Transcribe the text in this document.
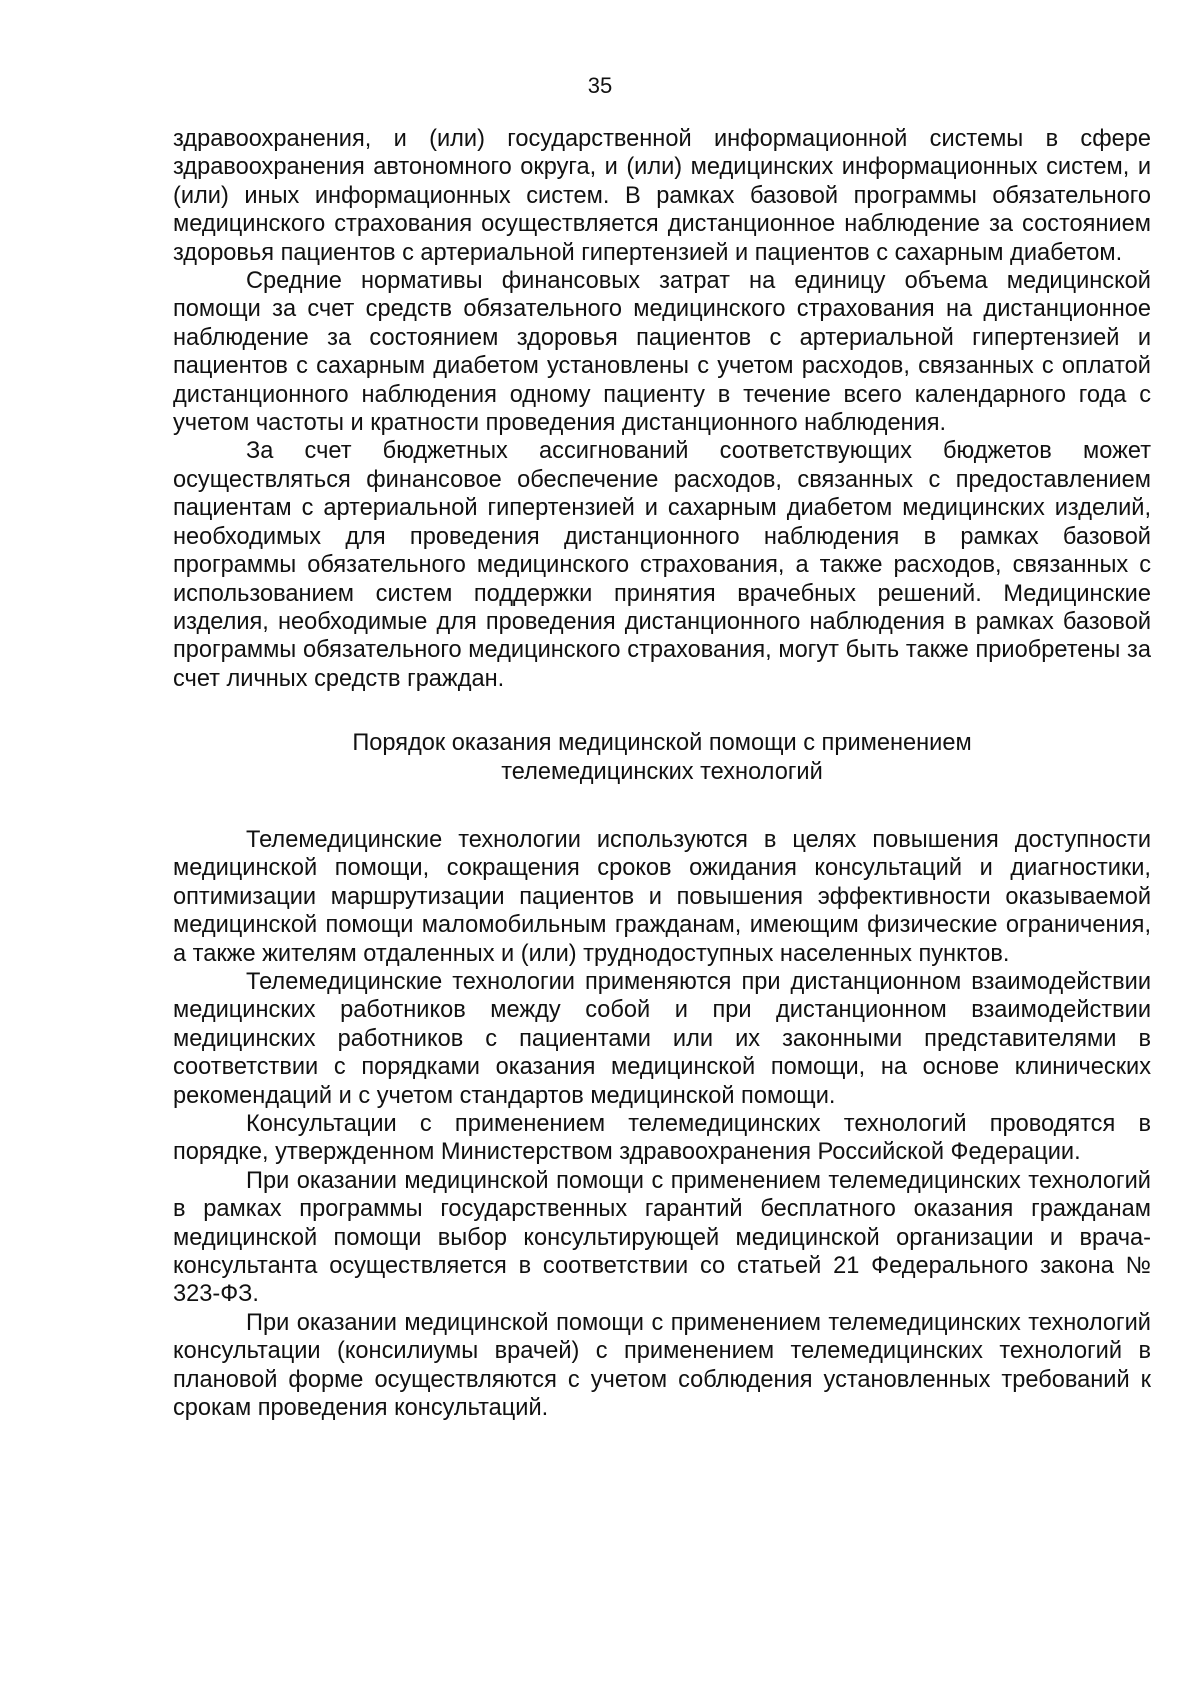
35

здравоохранения, и (или) государственной информационной системы в сфере здравоохранения автономного округа, и (или) медицинских информационных систем, и (или) иных информационных систем. В рамках базовой программы обязательного медицинского страхования осуществляется дистанционное наблюдение за состоянием здоровья пациентов с артериальной гипертензией и пациентов с сахарным диабетом.

Средние нормативы финансовых затрат на единицу объема медицинской помощи за счет средств обязательного медицинского страхования на дистанционное наблюдение за состоянием здоровья пациентов с артериальной гипертензией и пациентов с сахарным диабетом установлены с учетом расходов, связанных с оплатой дистанционного наблюдения одному пациенту в течение всего календарного года с учетом частоты и кратности проведения дистанционного наблюдения.

За счет бюджетных ассигнований соответствующих бюджетов может осуществляться финансовое обеспечение расходов, связанных с предоставлением пациентам с артериальной гипертензией и сахарным диабетом медицинских изделий, необходимых для проведения дистанционного наблюдения в рамках базовой программы обязательного медицинского страхования, а также расходов, связанных с использованием систем поддержки принятия врачебных решений. Медицинские изделия, необходимые для проведения дистанционного наблюдения в рамках базовой программы обязательного медицинского страхования, могут быть также приобретены за счет личных средств граждан.

Порядок оказания медицинской помощи с применением
телемедицинских технологий

Телемедицинские технологии используются в целях повышения доступности медицинской помощи, сокращения сроков ожидания консультаций и диагностики, оптимизации маршрутизации пациентов и повышения эффективности оказываемой медицинской помощи маломобильным гражданам, имеющим физические ограничения, а также жителям отдаленных и (или) труднодоступных населенных пунктов.

Телемедицинские технологии применяются при дистанционном взаимодействии медицинских работников между собой и при дистанционном взаимодействии медицинских работников с пациентами или их законными представителями в соответствии с порядками оказания медицинской помощи, на основе клинических рекомендаций и с учетом стандартов медицинской помощи.

Консультации с применением телемедицинских технологий проводятся в порядке, утвержденном Министерством здравоохранения Российской Федерации.

При оказании медицинской помощи с применением телемедицинских технологий в рамках программы государственных гарантий бесплатного оказания гражданам медицинской помощи выбор консультирующей медицинской организации и врача-консультанта осуществляется в соответствии со статьей 21 Федерального закона № 323-ФЗ.

При оказании медицинской помощи с применением телемедицинских технологий консультации (консилиумы врачей) с применением телемедицинских технологий в плановой форме осуществляются с учетом соблюдения установленных требований к срокам проведения консультаций.
